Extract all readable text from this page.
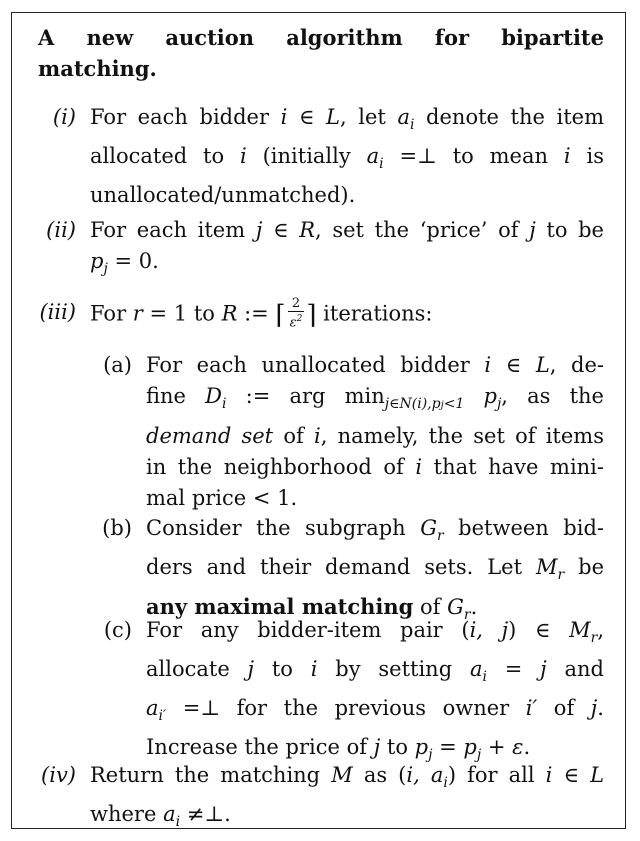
A new auction algorithm for bipartite matching.
(i) For each bidder i ∈ L, let $a_i$ denote the item
allocated to i (initially $a_i$ =⊥ to mean i is
unallocated/unmatched).
(ii) For each item j ∈ R, set the ‘price’ of j to be
$p_j = 0$.
(iii) For r = 1 to R := ⌈ $\frac{2}{\varepsilon^2}$ ⌉ iterations:
(a) For each unallocated bidder i ∈ L, de-
fine $D_i$ := arg $\min_{j\in N(i),pj<1} p_j$, as the
demand set of i, namely, the set of items
in the neighborhood of i that have mini-
mal price < 1.
(b) Consider the subgraph $G_r$ between bid-
ders and their demand sets. Let $M_r$ be
any maximal matching of $G_r$.
(c) For any bidder-item pair (i, j) ∈ $M_r$,
allocate j to i by setting $a_i = j$ and
$a_{i'}$ =⊥ for the previous owner i′ of j.
Increase the price of j to $p_j = p_j + \varepsilon$.
(iv) Return the matching M as (i, $a_i$) for all i ∈ L
where $a_i$ ≠⊥.
